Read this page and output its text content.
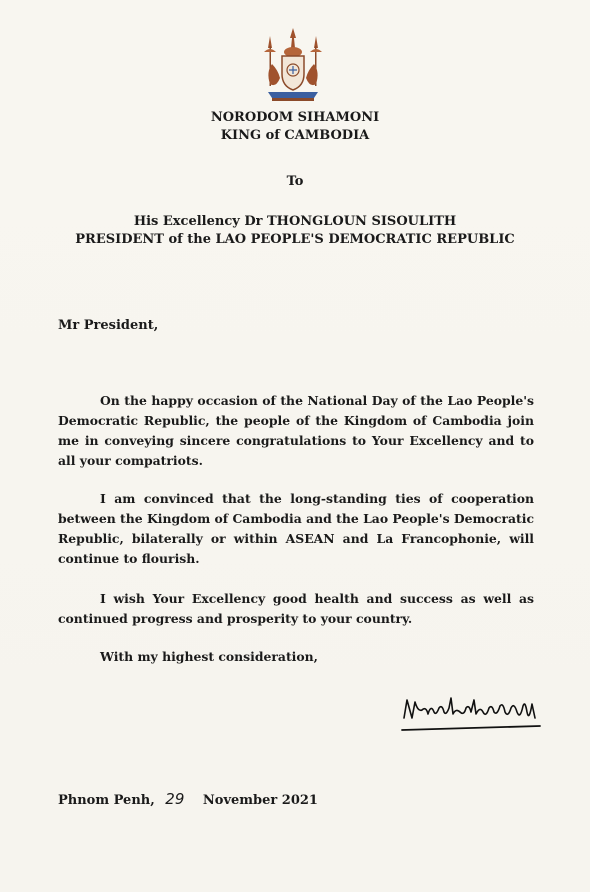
NORODOM SIHAMONI
KING of CAMBODIA
To
His Excellency Dr THONGLOUN SISOULITH
PRESIDENT of the LAO PEOPLE'S DEMOCRATIC REPUBLIC
Mr President,
On the happy occasion of the National Day of the Lao People's Democratic Republic, the people of the Kingdom of Cambodia join me in conveying sincere congratulations to Your Excellency and to all your compatriots.
I am convinced that the long-standing ties of cooperation between the Kingdom of Cambodia and the Lao People's Democratic Republic, bilaterally or within ASEAN and La Francophonie, will continue to flourish.
I wish Your Excellency good health and success as well as continued progress and prosperity to your country.
With my highest consideration,
Phnom Penh, 29 November 2021
